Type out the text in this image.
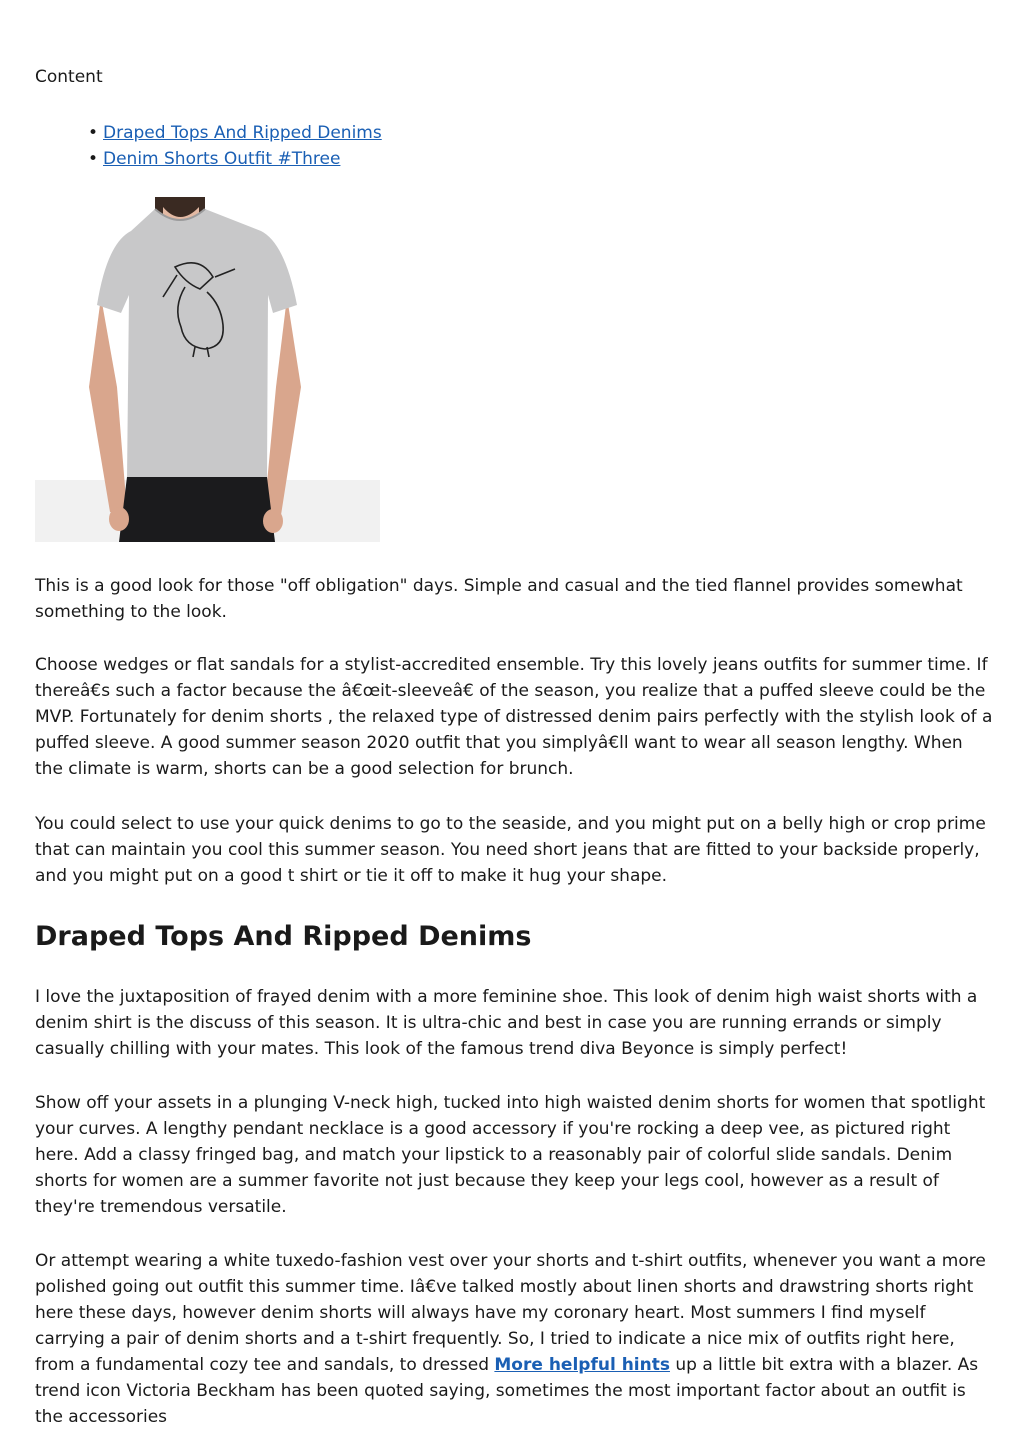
Content
• Draped Tops And Ripped Denims
• Denim Shorts Outfit #Three

This is a good look for those "off obligation" days. Simple and casual and the tied flannel provides somewhat something to the look.

Choose wedges or flat sandals for a stylist-accredited ensemble. Try this lovely jeans outfits for summer time. If thereâ€s such a factor because the â€œit-sleeveâ€ of the season, you realize that a puffed sleeve could be the MVP. Fortunately for denim shorts , the relaxed type of distressed denim pairs perfectly with the stylish look of a puffed sleeve. A good summer season 2020 outfit that you simplyâ€ll want to wear all season lengthy. When the climate is warm, shorts can be a good selection for brunch.

You could select to use your quick denims to go to the seaside, and you might put on a belly high or crop prime that can maintain you cool this summer season. You need short jeans that are fitted to your backside properly, and you might put on a good t shirt or tie it off to make it hug your shape.

Draped Tops And Ripped Denims

I love the juxtaposition of frayed denim with a more feminine shoe. This look of denim high waist shorts with a denim shirt is the discuss of this season. It is ultra-chic and best in case you are running errands or simply casually chilling with your mates. This look of the famous trend diva Beyonce is simply perfect!

Show off your assets in a plunging V-neck high, tucked into high waisted denim shorts for women that spotlight your curves. A lengthy pendant necklace is a good accessory if you're rocking a deep vee, as pictured right here. Add a classy fringed bag, and match your lipstick to a reasonably pair of colorful slide sandals. Denim shorts for women are a summer favorite not just because they keep your legs cool, however as a result of they're tremendous versatile.

Or attempt wearing a white tuxedo-fashion vest over your shorts and t-shirt outfits, whenever you want a more polished going out outfit this summer time. Iâ€ve talked mostly about linen shorts and drawstring shorts right here these days, however denim shorts will always have my coronary heart. Most summers I find myself carrying a pair of denim shorts and a t-shirt frequently. So, I tried to indicate a nice mix of outfits right here, from a fundamental cozy tee and sandals, to dressed More helpful hints up a little bit extra with a blazer. As trend icon Victoria Beckham has been quoted saying, sometimes the most important factor about an outfit is the accessories
